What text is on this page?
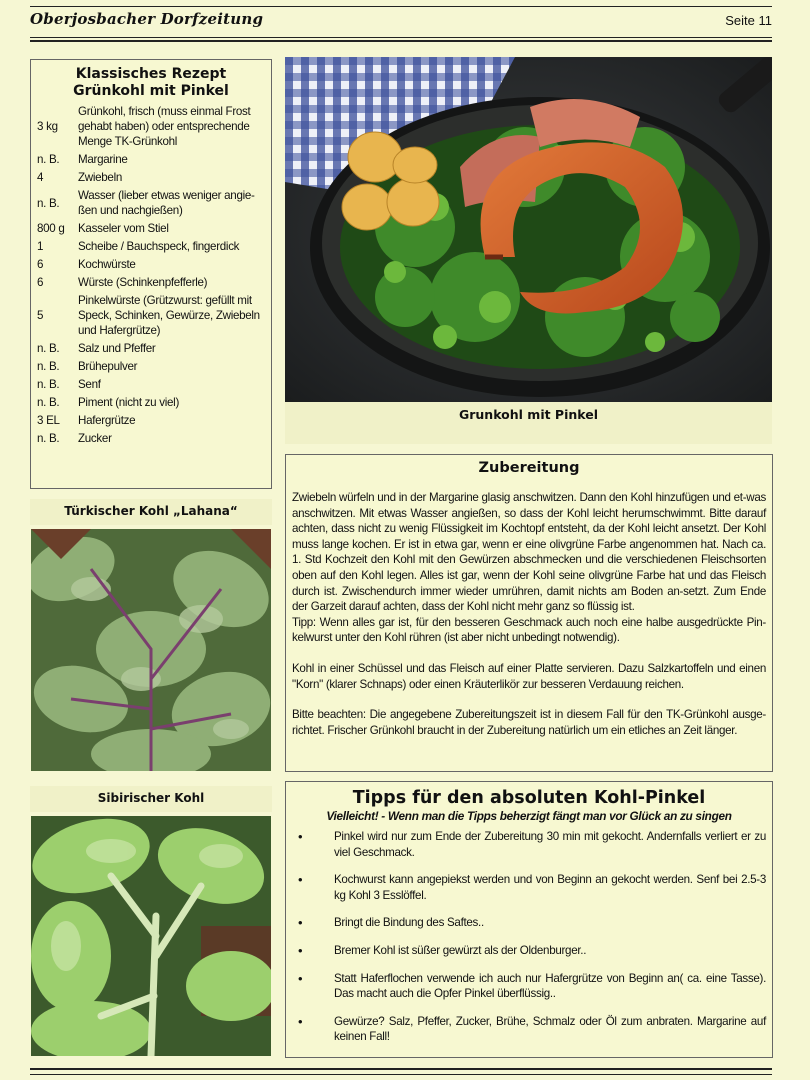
Oberjosbacher Dorfzeitung	Seite 11
Klassisches Rezept
Grünkohl mit Pinkel
3 kg	Grünkohl, frisch (muss einmal Frost gehabt haben) oder entsprechende Menge TK-Grünkohl
n. B.	Margarine
4	Zwiebeln
n. B.	Wasser (lieber etwas weniger angie-ßen und nachgießen)
800 g	Kasseler vom Stiel
1	Scheibe / Bauchspeck, fingerdick
6	Kochwürste
6	Würste (Schinkenpfefferle)
5	Pinkelwürste (Grützwurst: gefüllt mit Speck, Schinken, Gewürze, Zwiebeln und Hafergrütze)
n. B.	Salz und Pfeffer
n. B.	Brühepulver
n. B.	Senf
n. B.	Piment (nicht zu viel)
3 EL	Hafergrütze
n. B.	Zucker
Grunkohl mit Pinkel
Zubereitung
Zwiebeln würfeln und in der Margarine glasig anschwitzen. Dann den Kohl hinzufügen und et-was anschwitzen. Mit etwas Wasser angießen, so dass der Kohl leicht herumschwimmt. Bitte darauf achten, dass nicht zu wenig Flüssigkeit im Kochtopf entsteht, da der Kohl leicht ansetzt. Der Kohl muss lange kochen. Er ist in etwa gar, wenn er eine olivgrüne Farbe angenommen hat. Nach ca. 1. Std Kochzeit den Kohl mit den Gewürzen abschmecken und die verschiedenen Fleischsorten oben auf den Kohl legen. Alles ist gar, wenn der Kohl seine olivgrüne Farbe hat und das Fleisch durch ist. Zwischendurch immer wieder umrühren, damit nichts am Boden an-setzt. Zum Ende der Garzeit darauf achten, dass der Kohl nicht mehr ganz so flüssig ist.
Tipp: Wenn alles gar ist, für den besseren Geschmack auch noch eine halbe ausgedrückte Pin-kelwurst unter den Kohl rühren (ist aber nicht unbedingt notwendig).
Kohl in einer Schüssel und das Fleisch auf einer Platte servieren. Dazu Salzkartoffeln und einen "Korn" (klarer Schnaps) oder einen Kräuterlikör zur besseren Verdauung reichen.
Bitte beachten: Die angegebene Zubereitungszeit ist in diesem Fall für den TK-Grünkohl ausge-richtet. Frischer Grünkohl braucht in der Zubereitung natürlich um ein etliches an Zeit länger.
Türkischer Kohl „Lahana“
Sibirischer Kohl	Tipps für den absoluten Kohl-Pinkel
Vielleicht! - Wenn man die Tipps beherzigt fängt man vor Glück an zu singen
•	Pinkel wird nur zum Ende der Zubereitung 30 min mit gekocht. Andernfalls verliert er zu viel Geschmack.
•	Kochwurst kann angepiekst werden und von Beginn an gekocht werden. Senf bei 2.5-3 kg Kohl 3 Esslöffel.
•	Bringt die Bindung des Saftes..
•	Bremer Kohl ist süßer gewürzt als der Oldenburger..
•	Statt Haferflochen verwende ich auch nur Hafergrütze von Beginn an( ca. eine Tasse). Das macht auch die Opfer Pinkel überflüssig..
•	Gewürze? Salz, Pfeffer, Zucker, Brühe, Schmalz oder Öl zum anbraten. Margarine auf keinen Fall!
